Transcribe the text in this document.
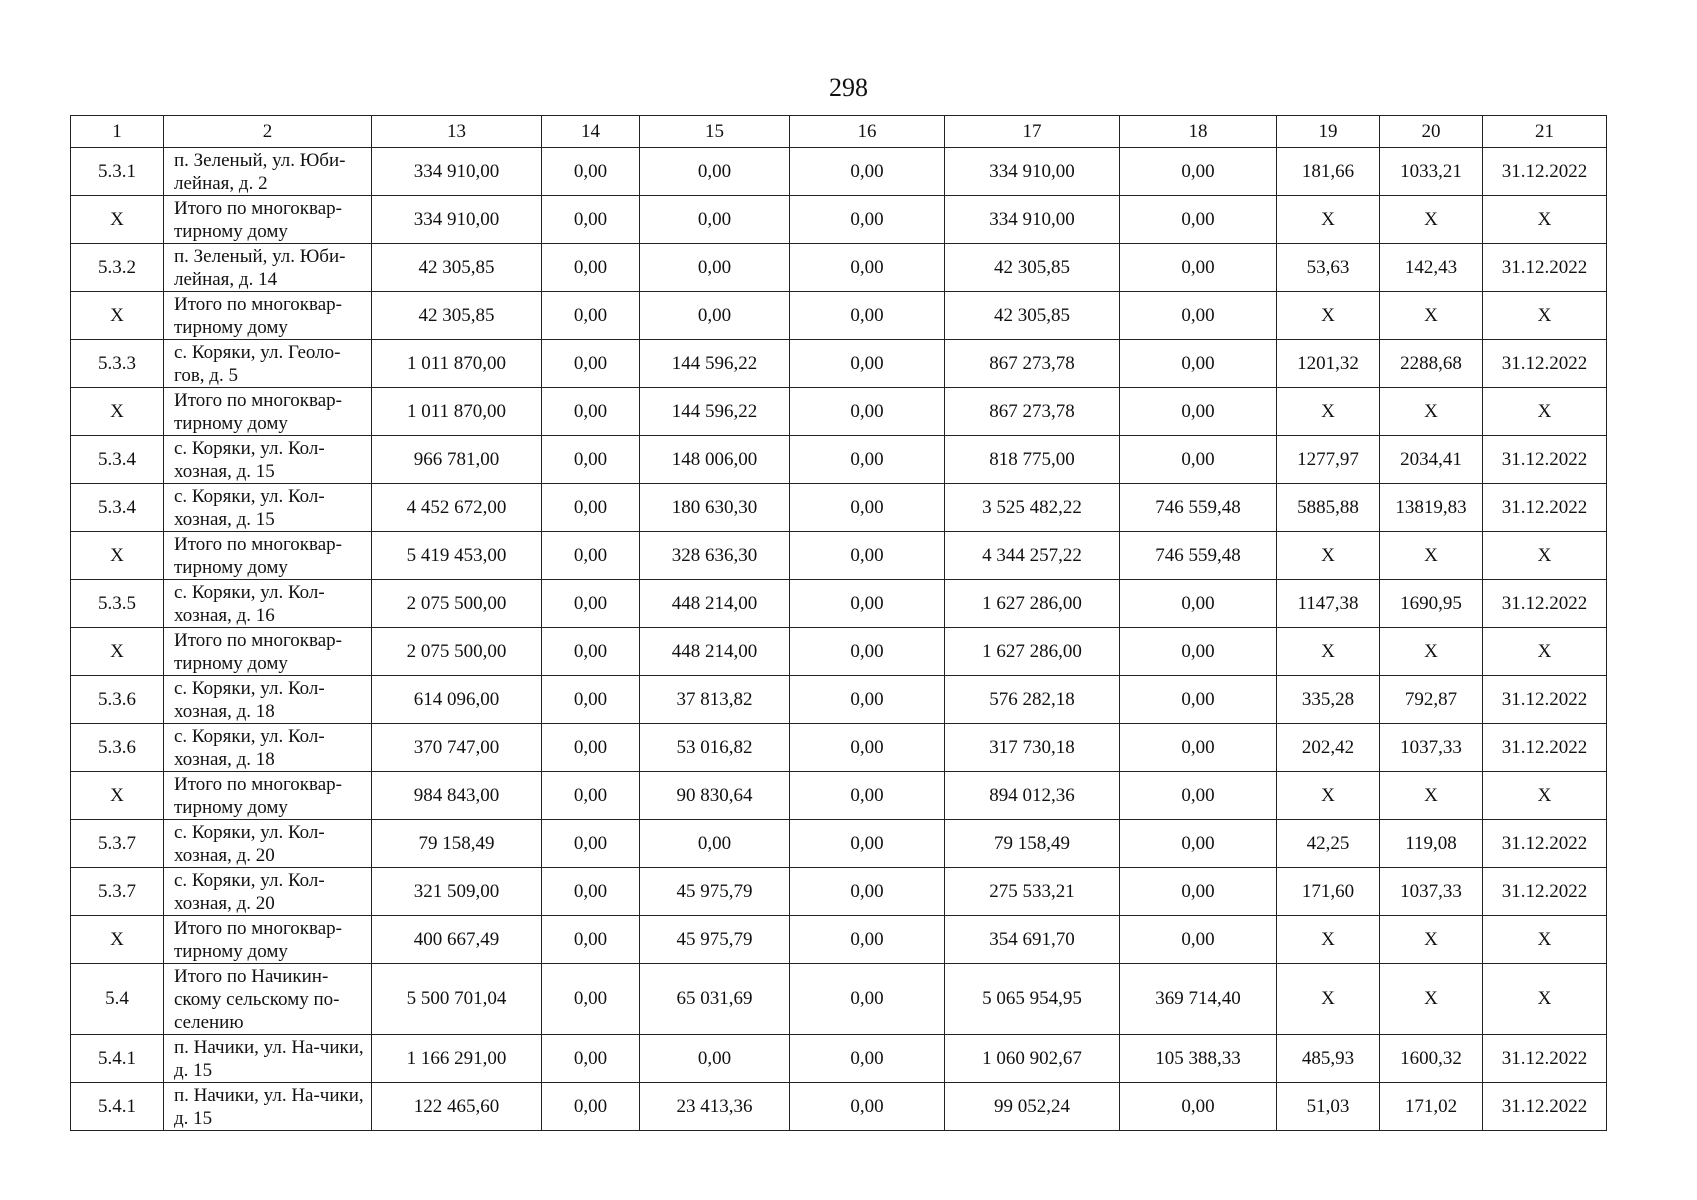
298
1	2	13	14	15	16	17	18	19	20	21
5.3.1	п. Зеленый, ул. Юби-лейная, д. 2	334 910,00	0,00	0,00	0,00	334 910,00	0,00	181,66	1033,21	31.12.2022
Х	Итого по многоквар-тирному дому	334 910,00	0,00	0,00	0,00	334 910,00	0,00	Х	Х	Х
5.3.2	п. Зеленый, ул. Юби-лейная, д. 14	42 305,85	0,00	0,00	0,00	42 305,85	0,00	53,63	142,43	31.12.2022
Х	Итого по многоквар-тирному дому	42 305,85	0,00	0,00	0,00	42 305,85	0,00	Х	Х	Х
5.3.3	с. Коряки, ул. Геоло-гов, д. 5	1 011 870,00	0,00	144 596,22	0,00	867 273,78	0,00	1201,32	2288,68	31.12.2022
Х	Итого по многоквар-тирному дому	1 011 870,00	0,00	144 596,22	0,00	867 273,78	0,00	Х	Х	Х
5.3.4	с. Коряки, ул. Кол-хозная, д. 15	966 781,00	0,00	148 006,00	0,00	818 775,00	0,00	1277,97	2034,41	31.12.2022
5.3.4	с. Коряки, ул. Кол-хозная, д. 15	4 452 672,00	0,00	180 630,30	0,00	3 525 482,22	746 559,48	5885,88	13819,83	31.12.2022
Х	Итого по многоквар-тирному дому	5 419 453,00	0,00	328 636,30	0,00	4 344 257,22	746 559,48	Х	Х	Х
5.3.5	с. Коряки, ул. Кол-хозная, д. 16	2 075 500,00	0,00	448 214,00	0,00	1 627 286,00	0,00	1147,38	1690,95	31.12.2022
Х	Итого по многоквар-тирному дому	2 075 500,00	0,00	448 214,00	0,00	1 627 286,00	0,00	Х	Х	Х
5.3.6	с. Коряки, ул. Кол-хозная, д. 18	614 096,00	0,00	37 813,82	0,00	576 282,18	0,00	335,28	792,87	31.12.2022
5.3.6	с. Коряки, ул. Кол-хозная, д. 18	370 747,00	0,00	53 016,82	0,00	317 730,18	0,00	202,42	1037,33	31.12.2022
Х	Итого по многоквар-тирному дому	984 843,00	0,00	90 830,64	0,00	894 012,36	0,00	Х	Х	Х
5.3.7	с. Коряки, ул. Кол-хозная, д. 20	79 158,49	0,00	0,00	0,00	79 158,49	0,00	42,25	119,08	31.12.2022
5.3.7	с. Коряки, ул. Кол-хозная, д. 20	321 509,00	0,00	45 975,79	0,00	275 533,21	0,00	171,60	1037,33	31.12.2022
Х	Итого по многоквар-тирному дому	400 667,49	0,00	45 975,79	0,00	354 691,70	0,00	Х	Х	Х
5.4	Итого по Начикин-скому сельскому по-селению	5 500 701,04	0,00	65 031,69	0,00	5 065 954,95	369 714,40	Х	Х	Х
5.4.1	п. Начики, ул. На-чики, д. 15	1 166 291,00	0,00	0,00	0,00	1 060 902,67	105 388,33	485,93	1600,32	31.12.2022
5.4.1	п. Начики, ул. На-чики, д. 15	122 465,60	0,00	23 413,36	0,00	99 052,24	0,00	51,03	171,02	31.12.2022
